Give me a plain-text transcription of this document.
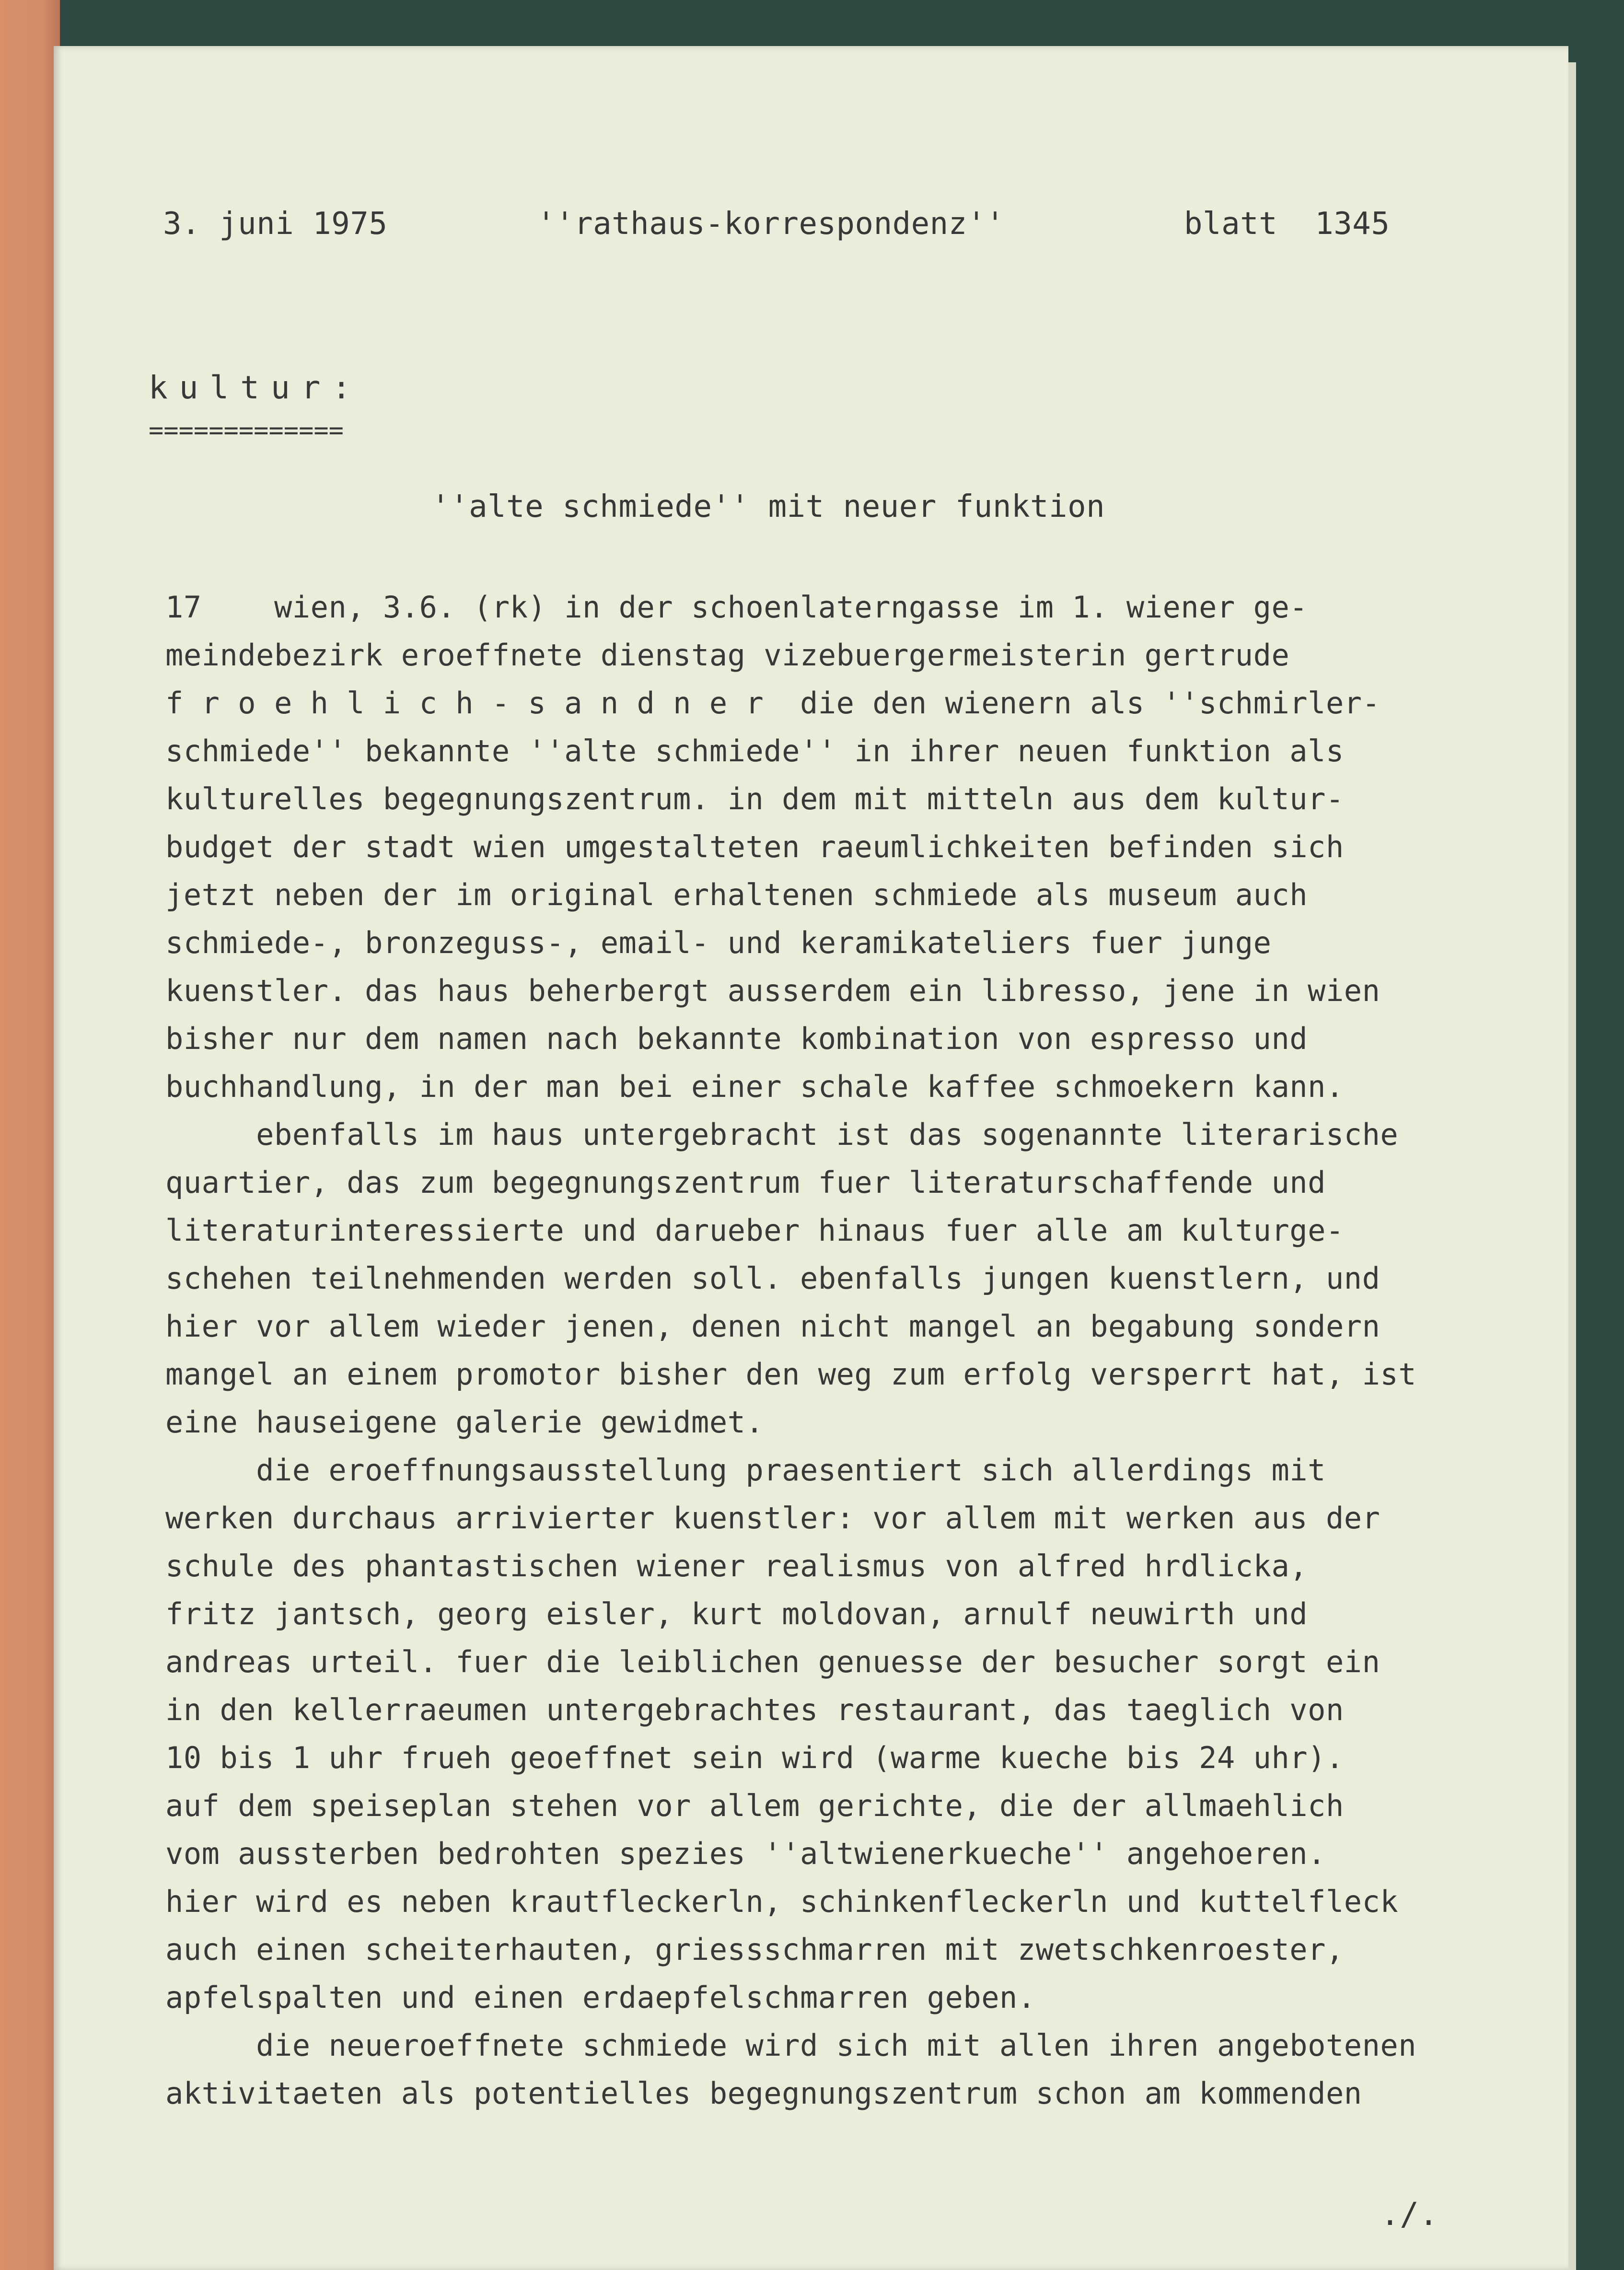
3. juni 1975	''rathaus-korrespondenz''	blatt  1345
kultur:
=============
''alte schmiede'' mit neuer funktion
17    wien, 3.6. (rk) in der schoenlaterngasse im 1. wiener ge-
meindebezirk eroeffnete dienstag vizebuergermeisterin gertrude
f r o e h l i c h - s a n d n e r  die den wienern als ''schmirler-
schmiede'' bekannte ''alte schmiede'' in ihrer neuen funktion als
kulturelles begegnungszentrum. in dem mit mitteln aus dem kultur-
budget der stadt wien umgestalteten raeumlichkeiten befinden sich
jetzt neben der im original erhaltenen schmiede als museum auch
schmiede-, bronzeguss-, email- und keramikateliers fuer junge
kuenstler. das haus beherbergt ausserdem ein libresso, jene in wien
bisher nur dem namen nach bekannte kombination von espresso und
buchhandlung, in der man bei einer schale kaffee schmoekern kann.
ebenfalls im haus untergebracht ist das sogenannte literarische
quartier, das zum begegnungszentrum fuer literaturschaffende und
literaturinteressierte und darueber hinaus fuer alle am kulturge-
schehen teilnehmenden werden soll. ebenfalls jungen kuenstlern, und
hier vor allem wieder jenen, denen nicht mangel an begabung sondern
mangel an einem promotor bisher den weg zum erfolg versperrt hat, ist
eine hauseigene galerie gewidmet.
die eroeffnungsausstellung praesentiert sich allerdings mit
werken durchaus arrivierter kuenstler: vor allem mit werken aus der
schule des phantastischen wiener realismus von alfred hrdlicka,
fritz jantsch, georg eisler, kurt moldovan, arnulf neuwirth und
andreas urteil. fuer die leiblichen genuesse der besucher sorgt ein
in den kellerraeumen untergebrachtes restaurant, das taeglich von
10 bis 1 uhr frueh geoeffnet sein wird (warme kueche bis 24 uhr).
auf dem speiseplan stehen vor allem gerichte, die der allmaehlich
vom aussterben bedrohten spezies ''altwienerkueche'' angehoeren.
hier wird es neben krautfleckerln, schinkenfleckerln und kuttelfleck
auch einen scheiterhauten, griessschmarren mit zwetschkenroester,
apfelspalten und einen erdaepfelschmarren geben.
die neueroeffnete schmiede wird sich mit allen ihren angebotenen
aktivitaeten als potentielles begegnungszentrum schon am kommenden
./.
